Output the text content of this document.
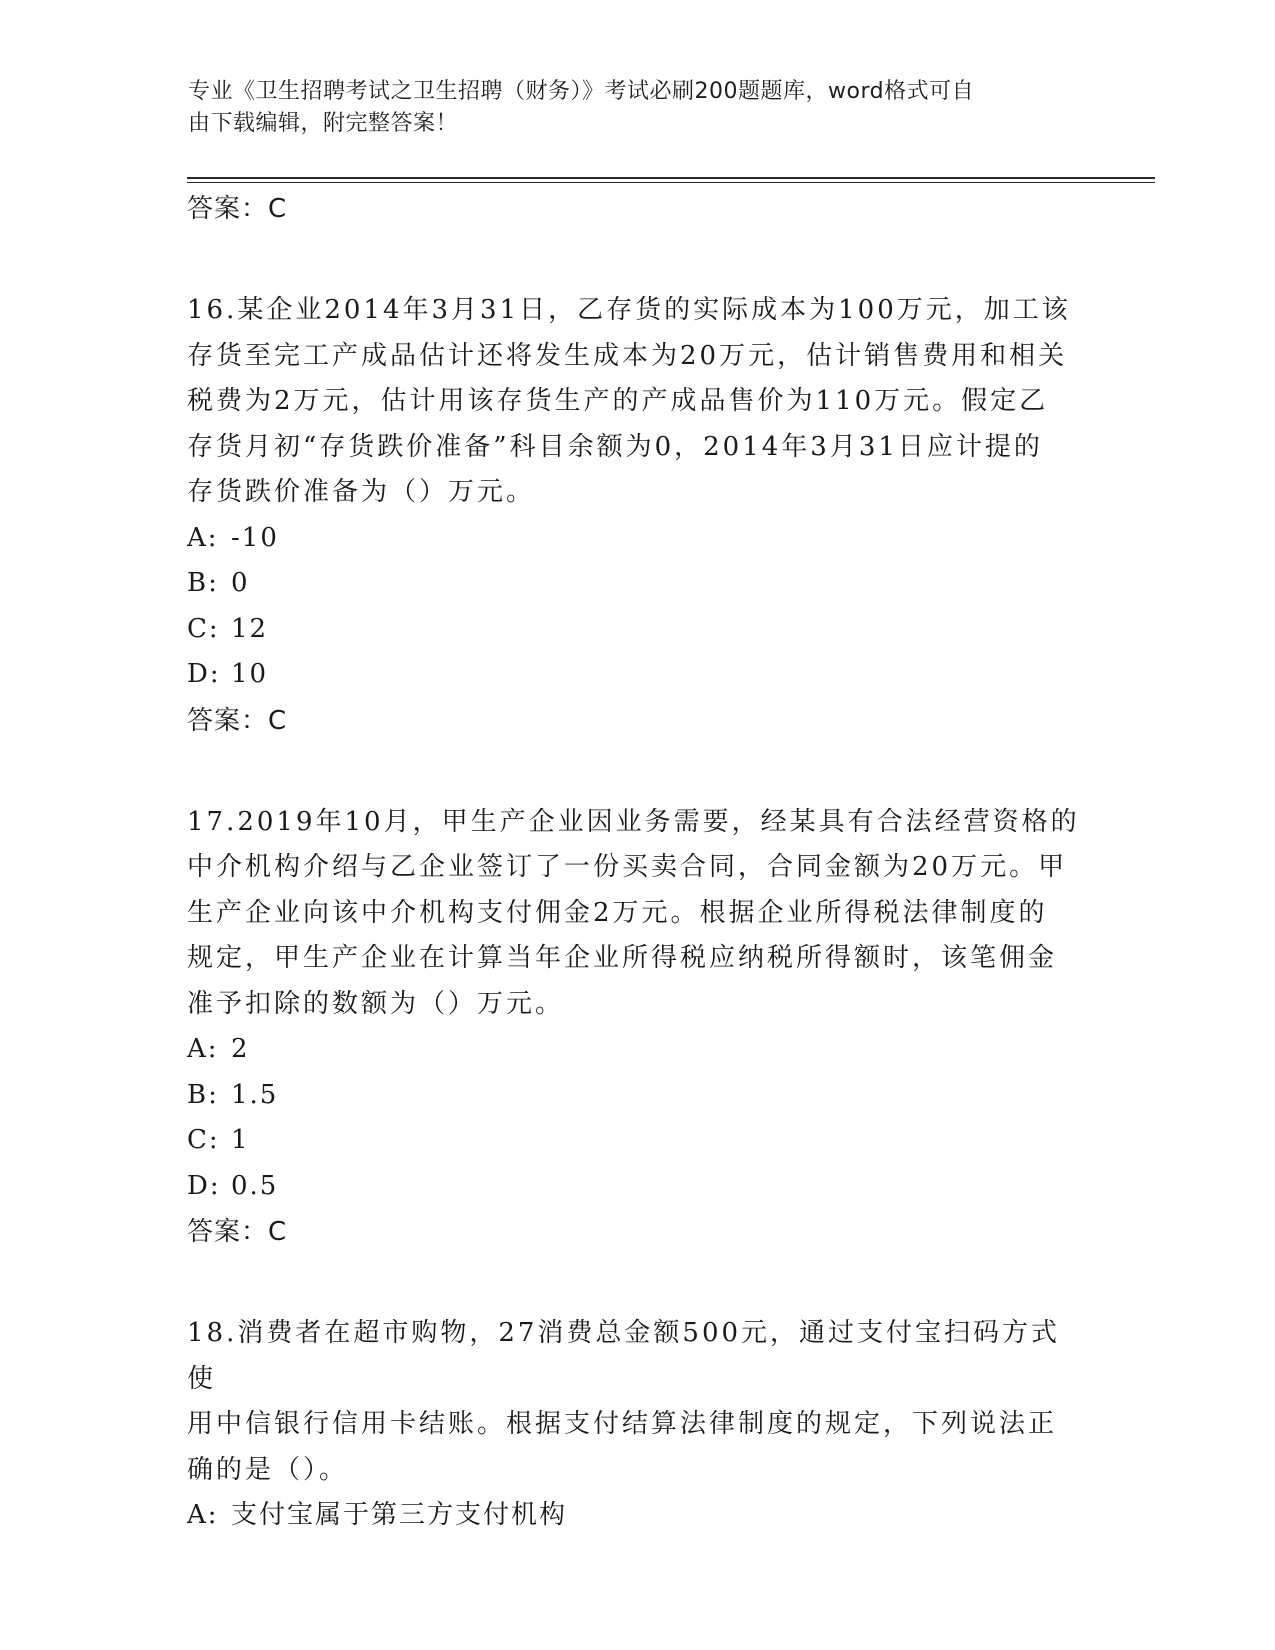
专业《卫生招聘考试之卫生招聘（财务）》考试必刷200题题库，word格式可自
由下载编辑，附完整答案！

答案：C

16.某企业2014年3月31日，乙存货的实际成本为100万元，加工该
存货至完工产成品估计还将发生成本为20万元，估计销售费用和相关
税费为2万元，估计用该存货生产的产成品售价为110万元。假定乙
存货月初“存货跌价准备”科目余额为0，2014年3月31日应计提的
存货跌价准备为（）万元。

A: -10

B: 0

C: 12

D: 10

答案：C

17.2019年10月，甲生产企业因业务需要，经某具有合法经营资格的
中介机构介绍与乙企业签订了一份买卖合同，合同金额为20万元。甲
生产企业向该中介机构支付佣金2万元。根据企业所得税法律制度的
规定，甲生产企业在计算当年企业所得税应纳税所得额时，该笔佣金
准予扣除的数额为（）万元。

A: 2

B: 1.5

C: 1

D: 0.5

答案：C

18.消费者在超市购物，27消费总金额500元，通过支付宝扫码方式使
用中信银行信用卡结账。根据支付结算法律制度的规定，下列说法正
确的是（）。

A: 支付宝属于第三方支付机构
